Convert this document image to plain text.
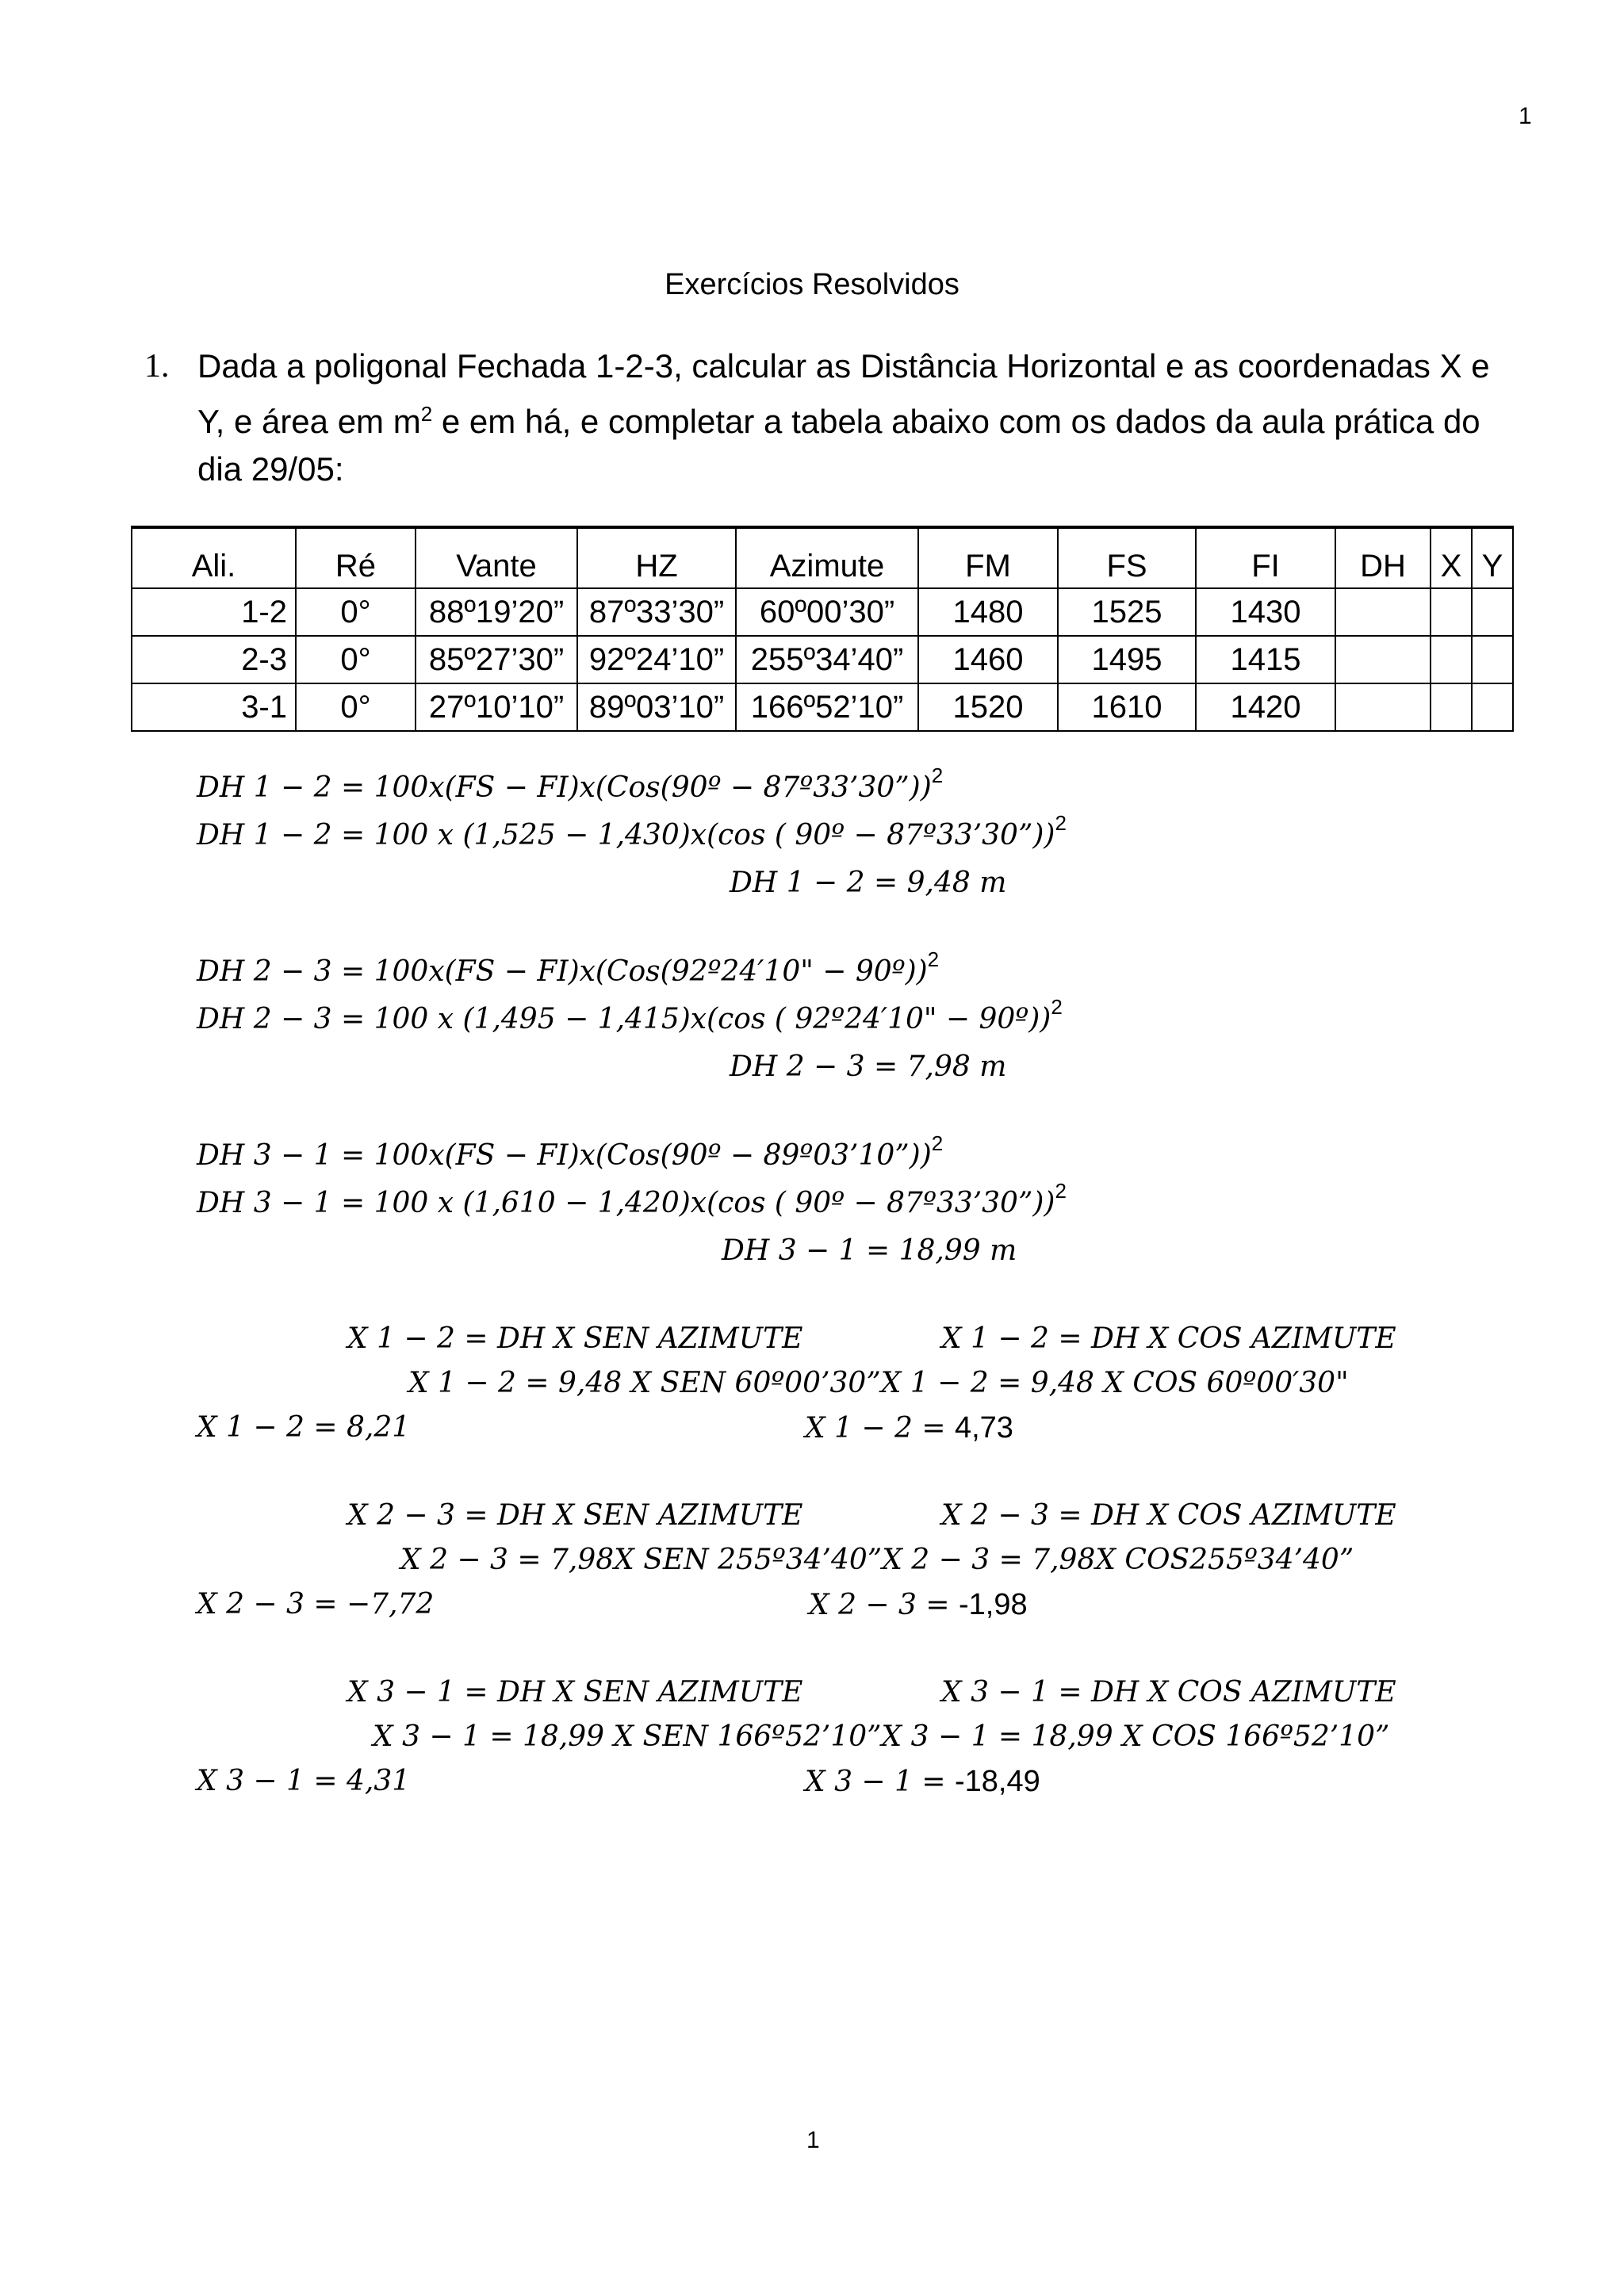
1
Exercícios Resolvidos
1. Dada a poligonal Fechada 1-2-3, calcular as Distância Horizontal e as coordenadas X e Y, e área em $m^2$ e em há, e completar a tabela abaixo com os dados da aula prática do dia 29/05:
Ali.	Ré	Vante	HZ	Azimute	FM	FS	FI	DH	X	Y
1-2	0°	88º19’20”	87º33’30”	60º00’30”	1480	1525	1430			
2-3	0°	85º27’30”	92º24’10”	255º34’40”	1460	1495	1415			
3-1	0°	27º10’10”	89º03’10”	166º52’10”	1520	1610	1420			
DH 1 − 2 = 100x(FS − FI)x(Cos(90º − 87º33’30”))$^2$
DH 1 − 2 = 100 x (1,525 − 1,430)x(cos ( 90º − 87º33’30”))$^2$
DH 1 − 2 = 9,48 m
DH 2 − 3 = 100x(FS − FI)x(Cos(92º24′10" − 90º))$^2$
DH 2 − 3 = 100 x (1,495 − 1,415)x(cos ( 92º24′10" − 90º))$^2$
DH 2 − 3 = 7,98 m
DH 3 − 1 = 100x(FS − FI)x(Cos(90º − 89º03’10”))$^2$
DH 3 − 1 = 100 x (1,610 − 1,420)x(cos ( 90º − 87º33’30”))$^2$
DH 3 − 1 = 18,99 m
X 1 − 2 = DH X SEN AZIMUTE	X 1 − 2 = DH X COS AZIMUTE
X 1 − 2 = 9,48 X SEN 60º00’30”X 1 − 2 = 9,48 X COS 60º00′30"
X 1 − 2 = 8,21	X 1 − 2 = 4,73
X 2 − 3 = DH X SEN AZIMUTE	X 2 − 3 = DH X COS AZIMUTE
X 2 − 3 = 7,98X SEN 255º34’40”X 2 − 3 = 7,98X COS255º34’40”
X 2 − 3 = −7,72	X 2 − 3 = -1,98
X 3 − 1 = DH X SEN AZIMUTE	X 3 − 1 = DH X COS AZIMUTE
X 3 − 1 = 18,99 X SEN 166º52’10”X 3 − 1 = 18,99 X COS 166º52’10”
X 3 − 1 = 4,31	X 3 − 1 = -18,49
1
